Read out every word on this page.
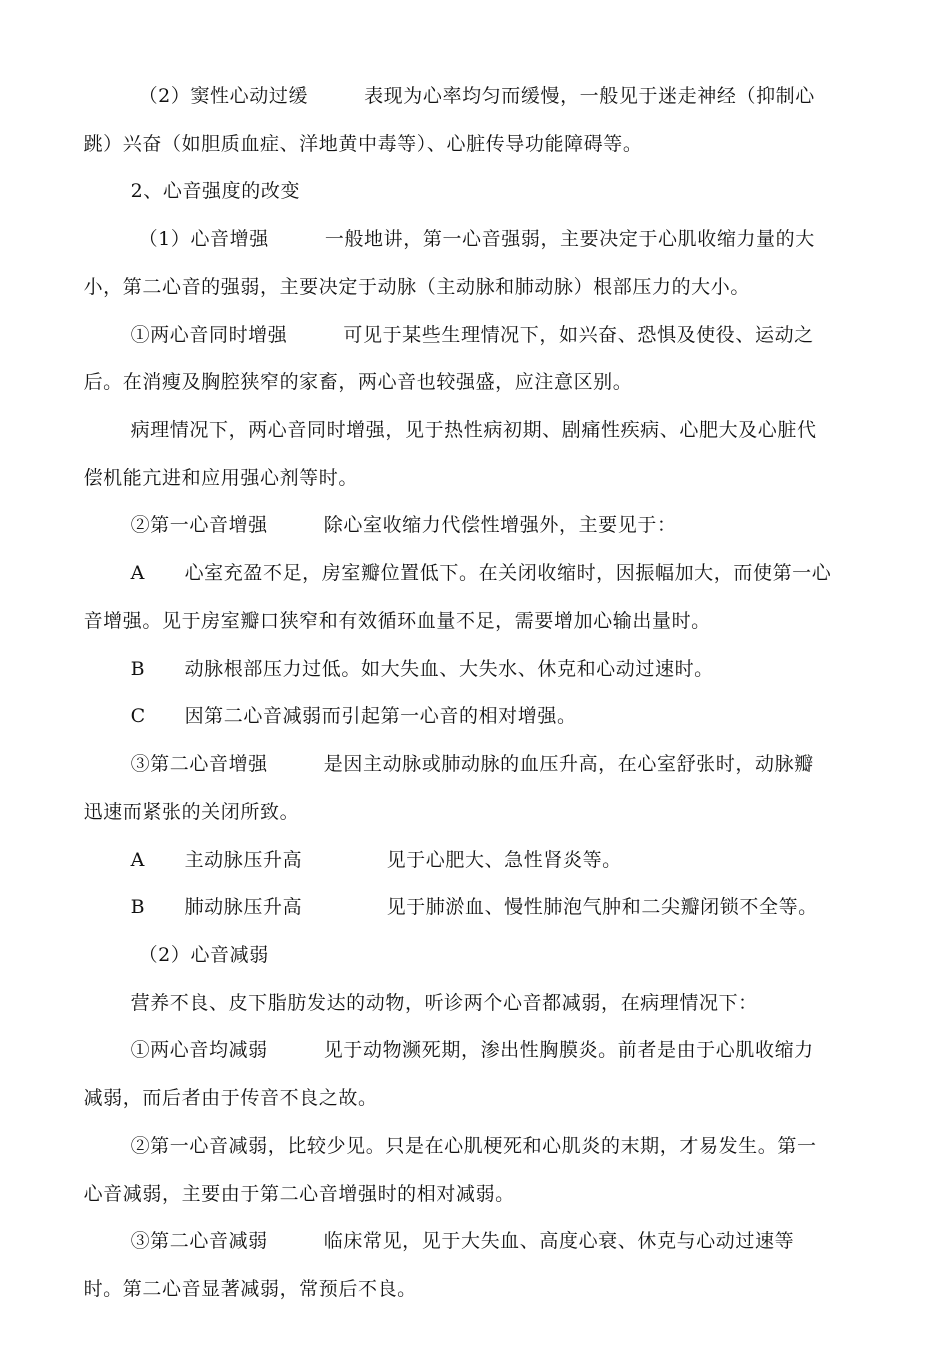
（2）窦性心动过缓	表现为心率均匀而缓慢，一般见于迷走神经（抑制心

跳）兴奋（如胆质血症、洋地黄中毒等）、心脏传导功能障碍等。

2、心音强度的改变

（1）心音增强	一般地讲，第一心音强弱，主要决定于心肌收缩力量的大

小，第二心音的强弱，主要决定于动脉（主动脉和肺动脉）根部压力的大小。

①两心音同时增强	可见于某些生理情况下，如兴奋、恐惧及使役、运动之

后。在消瘦及胸腔狭窄的家畜，两心音也较强盛，应注意区别。

病理情况下，两心音同时增强，见于热性病初期、剧痛性疾病、心肥大及心脏代

偿机能亢进和应用强心剂等时。

②第一心音增强	除心室收缩力代偿性增强外，主要见于：

A 心室充盈不足，房室瓣位置低下。在关闭收缩时，因振幅加大，而使第一心

音增强。见于房室瓣口狭窄和有效循环血量不足，需要增加心输出量时。

B 动脉根部压力过低。如大失血、大失水、休克和心动过速时。

C 因第二心音减弱而引起第一心音的相对增强。

③第二心音增强	是因主动脉或肺动脉的血压升高，在心室舒张时，动脉瓣

迅速而紧张的关闭所致。

A 主动脉压升高	见于心肥大、急性肾炎等。

B 肺动脉压升高	见于肺淤血、慢性肺泡气肿和二尖瓣闭锁不全等。

（2）心音减弱

营养不良、皮下脂肪发达的动物，听诊两个心音都减弱，在病理情况下：

①两心音均减弱	见于动物濒死期，渗出性胸膜炎。前者是由于心肌收缩力

减弱，而后者由于传音不良之故。

②第一心音减弱，比较少见。只是在心肌梗死和心肌炎的末期，才易发生。第一

心音减弱，主要由于第二心音增强时的相对减弱。

③第二心音减弱	临床常见，见于大失血、高度心衰、休克与心动过速等

时。第二心音显著减弱，常预后不良。
